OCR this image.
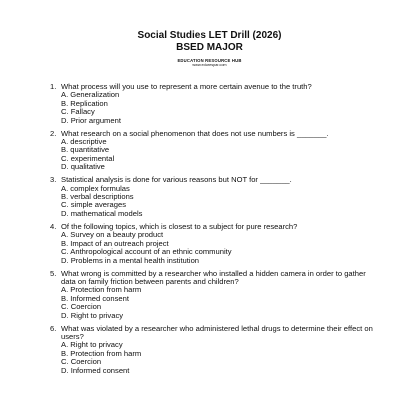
Social Studies LET Drill (2026)
BSED MAJOR
EDUCATION RESOURCE HUB
www.edurespar.com
1. What process will you use to represent a more certain avenue to the truth?
A. Generalization
B. Replication
C. Fallacy
D. Prior argument
2. What research on a social phenomenon that does not use numbers is _______.
A. descriptive
B. quantitative
C. experimental
D. qualitative
3. Statistical analysis is done for various reasons but NOT for _______.
A. complex formulas
B. verbal descriptions
C. simple averages
D. mathematical models
4. Of the following topics, which is closest to a subject for pure research?
A. Survey on a beauty product
B. Impact of an outreach project
C. Anthropological account of an ethnic community
D. Problems in a mental health institution
5. What wrong is committed by a researcher who installed a hidden camera in order to gather data on family friction between parents and children?
A. Protection from harm
B. Informed consent
C. Coercion
D. Right to privacy
6. What was violated by a researcher who administered lethal drugs to determine their effect on users?
A. Right to privacy
B. Protection from harm
C. Coercion
D. Informed consent
